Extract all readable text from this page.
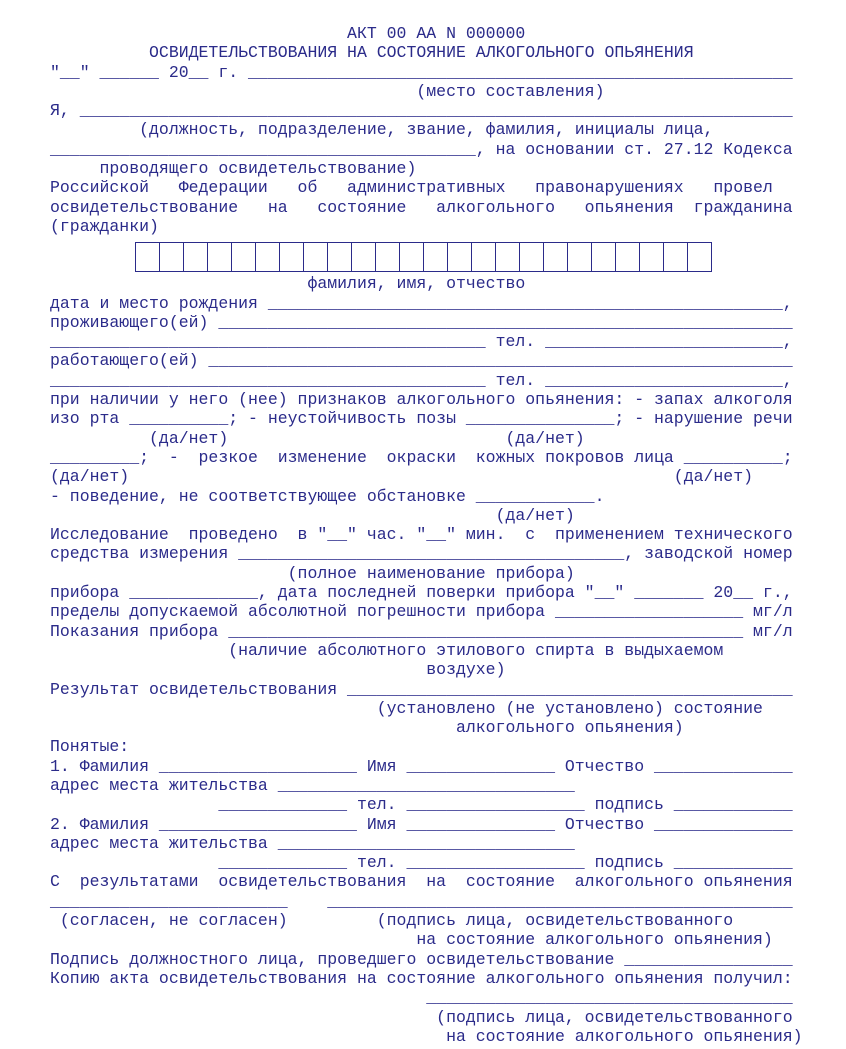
АКТ 00 АА N 000000
ОСВИДЕТЕЛЬСТВОВАНИЯ НА СОСТОЯНИЕ АЛКОГОЛЬНОГО ОПЬЯНЕНИЯ
"__" ______ 20__ г. _______________________________________________________
(место составления)
Я, ________________________________________________________________________
(должность, подразделение, звание, фамилия, инициалы лица,
___________________________________________, на основании ст. 27.12 Кодекса
проводящего освидетельствование)
Российской   Федерации   об   административных   правонарушениях   провел
освидетельствование   на   состояние   алкогольного   опьянения  гражданина
(гражданки)
фамилия, имя, отчество
дата и место рождения ____________________________________________________,
проживающего(ей) __________________________________________________________
____________________________________________ тел. ________________________,
работающего(ей) ___________________________________________________________
____________________________________________ тел. ________________________,
при наличии у него (нее) признаков алкогольного опьянения: - запах алкоголя
изо рта __________; - неустойчивость позы _______________; - нарушение речи
(да/нет)                            (да/нет)
_________;  -  резкое  изменение  окраски  кожных покровов лица __________;
(да/нет)                                                       (да/нет)
- поведение, не соответствующее обстановке ____________.
(да/нет)
Исследование  проведено  в "__" час. "__" мин.  с  применением технического
средства измерения _______________________________________, заводской номер
(полное наименование прибора)
прибора _____________, дата последней поверки прибора "__" _______ 20__ г.,
пределы допускаемой абсолютной погрешности прибора ___________________ мг/л
Показания прибора ____________________________________________________ мг/л
(наличие абсолютного этилового спирта в выдыхаемом
воздухе)
Результат освидетельствования _____________________________________________
(установлено (не установлено) состояние
алкогольного опьянения)
Понятые:
1. Фамилия ____________________ Имя _______________ Отчество ______________
адрес места жительства ______________________________
_____________ тел. __________________ подпись ____________
2. Фамилия ____________________ Имя _______________ Отчество ______________
адрес места жительства ______________________________
_____________ тел. __________________ подпись ____________
С  результатами  освидетельствования  на  состояние  алкогольного опьянения
________________________    _______________________________________________
(согласен, не согласен)         (подпись лица, освидетельствованного
на состояние алкогольного опьянения)
Подпись должностного лица, проведшего освидетельствование _________________
Копию акта освидетельствования на состояние алкогольного опьянения получил:
_____________________________________
(подпись лица, освидетельствованного
на состояние алкогольного опьянения)
